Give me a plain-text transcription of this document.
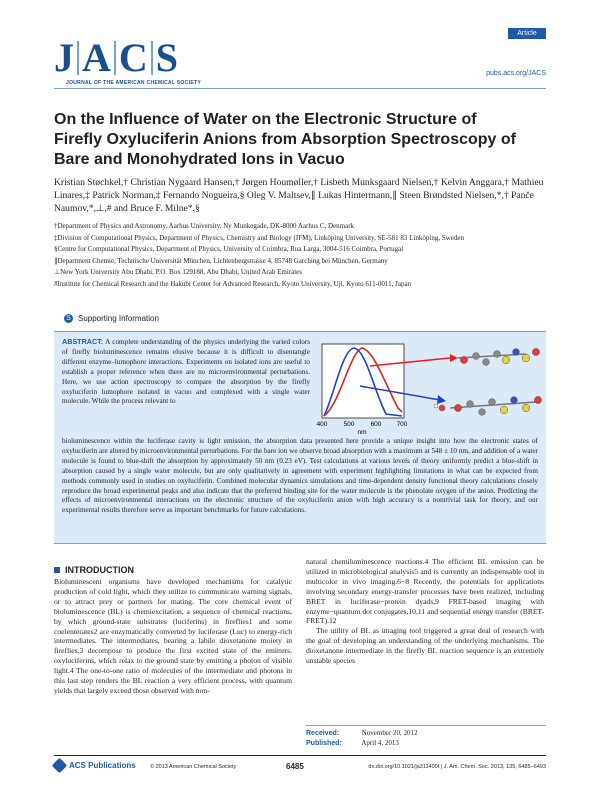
J A C S
JOURNAL OF THE AMERICAN CHEMICAL SOCIETY
Article
pubs.acs.org/JACS
On the Influence of Water on the Electronic Structure of Firefly Oxyluciferin Anions from Absorption Spectroscopy of Bare and Monohydrated Ions in Vacuo
Kristian Støchkel,† Christian Nygaard Hansen,† Jørgen Houmøller,† Lisbeth Munksgaard Nielsen,† Kelvin Anggara,† Mathieu Linares,‡ Patrick Norman,‡ Fernando Nogueira,§ Oleg V. Maltsev,∥ Lukas Hintermann,∥ Steen Brøndsted Nielsen,*,† Panče Naumov,*,⊥,# and Bruce F. Milne*,§
†Department of Physics and Astronomy, Aarhus University, Ny Munkegade, DK-8000 Aarhus C, Denmark
‡Division of Computational Physics, Department of Physics, Chemistry and Biology (IFM), Linköping University, SE-581 83 Linköping, Sweden
§Centre for Computational Physics, Department of Physics, University of Coimbra, Rua Larga, 3004-516 Coimbra, Portugal
∥Department Chemie, Technische Universität München, Lichtenbergstrasse 4, 85748 Garching bei München, Germany
⊥New York University Abu Dhabi, P.O. Box 129188, Abu Dhabi, United Arab Emirates
#Institute for Chemical Research and the Hakubi Center for Advanced Research, Kyoto University, Uji, Kyoto 611-0011, Japan
S Supporting Information
ABSTRACT: A complete understanding of the physics underlying the varied colors of firefly bioluminescence remains elusive because it is difficult to disentangle different enzyme–lumophore interactions. Experiments on isolated ions are useful to establish a proper reference when there are no microenvironmental perturbations. Here, we use action spectroscopy to compare the absorption by the firefly oxyluciferin lumophore isolated in vacuo and complexed with a single water molecule. While the process relevant to
bioluminescence within the luciferase cavity is light emission, the absorption data presented here provide a unique insight into how the electronic states of oxyluciferin are altered by microenvironmental perturbations. For the bare ion we observe broad absorption with a maximum at 548 ± 10 nm, and addition of a water molecule is found to blue-shift the absorption by approximately 50 nm (0.23 eV). Test calculations at various levels of theory uniformly predict a blue-shift in absorption caused by a single water molecule, but are only qualitatively in agreement with experiment highlighting limitations in what can be expected from methods commonly used in studies on oxyluciferin. Combined molecular dynamics simulations and time-dependent density functional theory calculations closely reproduce the broad experimental peaks and also indicate that the preferred binding site for the water molecule is the phenolate oxygen of the anion. Predicting the effects of microenvironmental interactions on the electronic structure of the oxyluciferin anion with high accuracy is a nontrivial task for theory, and our experimental results therefore serve as important benchmarks for future calculations.
400 500 600 700
nm
INTRODUCTION
Bioluminescent organisms have developed mechanisms for catalytic production of cold light, which they utilize to communicate warning signals, or to attract prey or partners for mating. The core chemical event of bioluminescence (BL) is chemiexcitation, a sequence of chemical reactions, by which ground-state substrates (luciferins) in fireflies1 and some coelenterates2 are enzymatically converted by luciferase (Luc) to energy-rich intermediates. The intermediates, bearing a labile dioxetanone moiety in fireflies,3 decompose to produce the first excited state of the emitters, oxyluciferins, which relax to the ground state by emitting a photon of visible light.4 The one-to-one ratio of molecules of the intermediate and photons in this last step renders the BL reaction a very efficient process, with quantum yields that largely exceed those observed with non-
natural chemiluminescence reactions.4 The efficient BL emission can be utilized in microbiological analysis5 and is currently an indispensable tool in multicolor in vivo imaging.6−8 Recently, the potentials for applications involving secondary energy-transfer processes have been realized, including BRET in luciferase−protein dyads,9 FRET-based imaging with enzyme−quantum dot conjugates,10,11 and sequential energy transfer (BRET-FRET).12
The utility of BL as imaging tool triggered a great deal of research with the goal of developing an understanding of the underlying mechanisms. The dioxetanone intermediate in the firefly BL reaction sequence is an extremely unstable species
Received:	November 20, 2012
Published:	April 4, 2013
ACS Publications	© 2013 American Chemical Society	6485	dx.doi.org/10.1021/ja311400t | J. Am. Chem. Soc. 2013, 135, 6485−6493
